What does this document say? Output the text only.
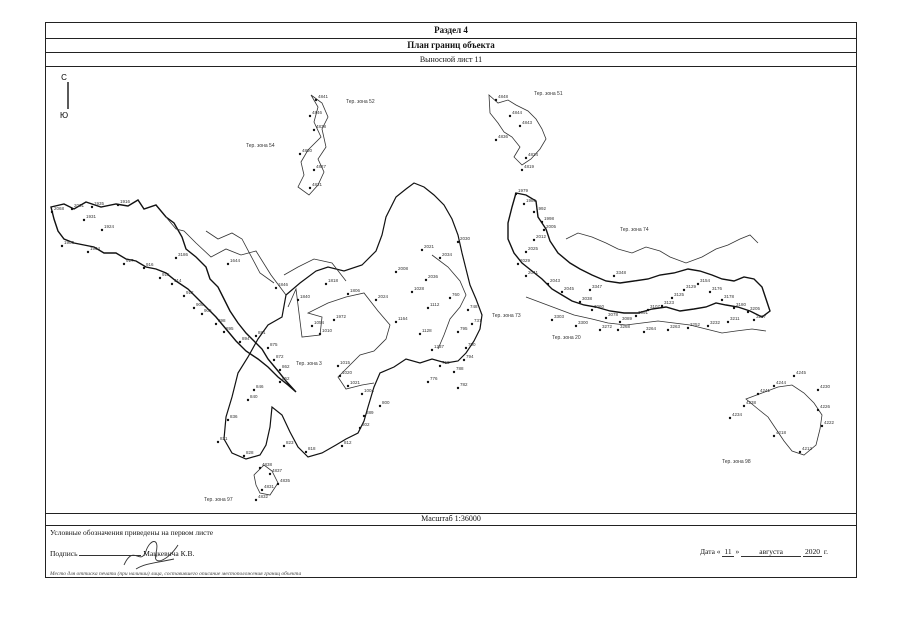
Раздел 4
План границ объекта
Выносной лист 11
С
Ю
4841
4846
4838
4830
4827
4821
4848
4844
4843
4836
4824
4819
2068
2061 1935	1916
1931
1924
1903
1904
917
916
915
914
912
906
905
898
895
894
3186
1644
1846
1840
1806
1818
1054
1010
1972
2024
2008
2021
881
875
872
862
852
846
840
836
831
828
823
818
812
802
800
889
1015
1020
1021
1004
2030
2034
2036
1028
1112
1164
1128
1237
768
776
782
788
794
790
795
737
748
760
1979
1985
1992
1998
2005
2012
2025
2029
2041
2043
2045
3038
3060
3078
3089
3091
3107
3123
3125
3129
3154
3176
3178
3180
3205
3207
3211
3232
3252
3263
3264
3268
3272
3300
3303
3347
3348
4245
4244
4241
4238
4234
4230
4226
4222
4218
4212
4838
4837
4835
4831
4832
Тер. зона 52
Тер. зона 51
Тер. зона 54
Тер. зона 74
Тер. зона 73
Тер. зона 20
Тер. зона 3
Тер. зона 97
Тер. зона 98
Масштаб 1:36000
Условные обозначения приведены на первом листе
Подпись	Мацкевича К.В.	Дата « 11 » августа	2020 г.
Место для оттиска печати (при наличии) лица, составившего описание местоположения границ объекта
